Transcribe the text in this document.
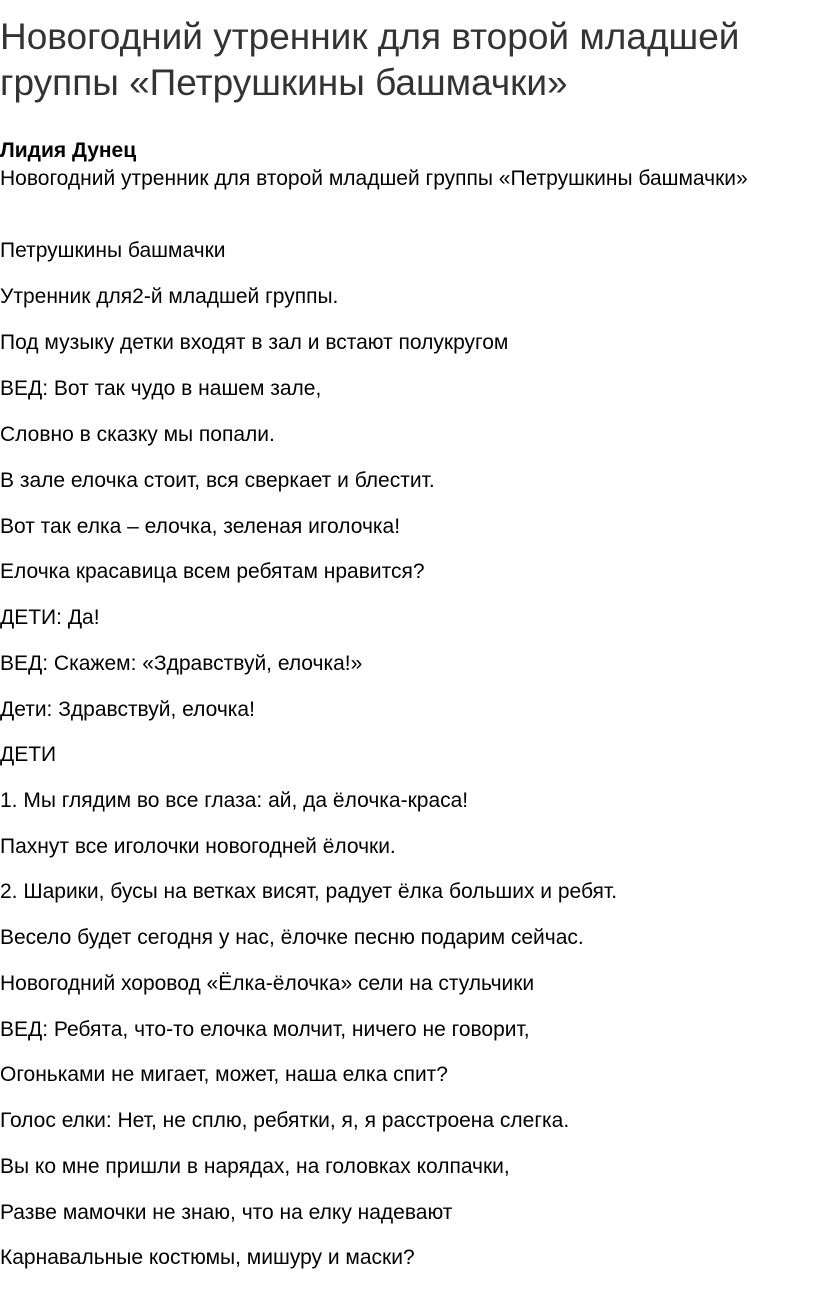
Новогодний утренник для второй младшей группы «Петрушкины башмачки»

Лидия Дунец

Новогодний утренник для второй младшей группы «Петрушкины башмачки»

Петрушкины башмачки

Утренник для2-й младшей группы.

Под музыку детки входят в зал и встают полукругом

ВЕД: Вот так чудо в нашем зале,

Словно в сказку мы попали.

В зале елочка стоит, вся сверкает и блестит.

Вот так елка – елочка, зеленая иголочка!

Елочка красавица всем ребятам нравится?

ДЕТИ: Да!

ВЕД: Скажем: «Здравствуй, елочка!»

Дети: Здравствуй, елочка!

ДЕТИ

1. Мы глядим во все глаза: ай, да ёлочка-краса!

Пахнут все иголочки новогодней ёлочки.

2. Шарики, бусы на ветках висят, радует ёлка больших и ребят.

Весело будет сегодня у нас, ёлочке песню подарим сейчас.

Новогодний хоровод «Ёлка-ёлочка» сели на стульчики

ВЕД: Ребята, что-то елочка молчит, ничего не говорит,

Огоньками не мигает, может, наша елка спит?

Голос елки: Нет, не сплю, ребятки, я, я расстроена слегка.

Вы ко мне пришли в нарядах, на головках колпачки,

Разве мамочки не знаю, что на елку надевают

Карнавальные костюмы, мишуру и маски?
